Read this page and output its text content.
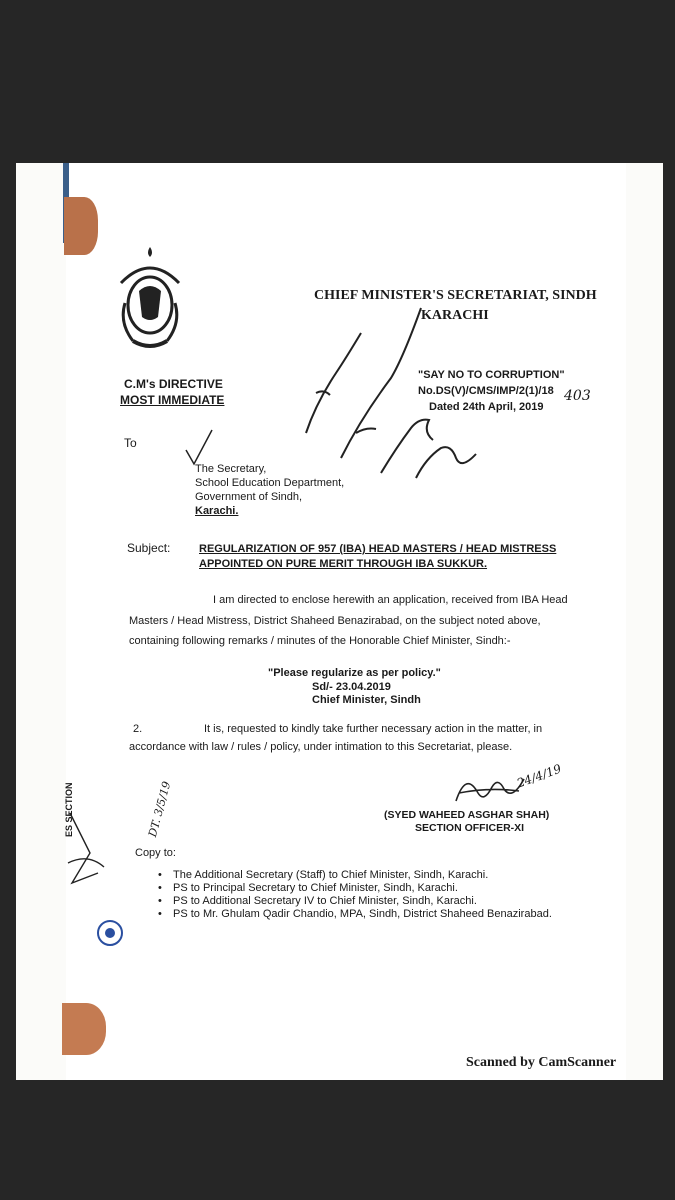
CHIEF MINISTER'S SECRETARIAT, SINDH
KARACHI
"SAY NO TO CORRUPTION"
No.DS(V)/CMS/IMP/2(1)/18 403
Dated 24th April, 2019
C.M's DIRECTIVE
MOST IMMEDIATE
To
The Secretary,
School Education Department,
Government of Sindh,
Karachi.
Subject:	REGULARIZATION OF 957 (IBA) HEAD MASTERS / HEAD MISTRESS
APPOINTED ON PURE MERIT THROUGH IBA SUKKUR.
I am directed to enclose herewith an application, received from IBA Head
Masters / Head Mistress, District Shaheed Benazirabad, on the subject noted above,
containing following remarks / minutes of the Honorable Chief Minister, Sindh:-
"Please regularize as per policy."
Sd/- 23.04.2019
Chief Minister, Sindh
2.	It is, requested to kindly take further necessary action in the matter, in
accordance with law / rules / policy, under intimation to this Secretariat, please.
24/4/19
(SYED WAHEED ASGHAR SHAH)
SECTION OFFICER-XI
ES SECTION	DT. 3/5/19
Copy to:
• The Additional Secretary (Staff) to Chief Minister, Sindh, Karachi.
• PS to Principal Secretary to Chief Minister, Sindh, Karachi.
• PS to Additional Secretary IV to Chief Minister, Sindh, Karachi.
• PS to Mr. Ghulam Qadir Chandio, MPA, Sindh, District Shaheed Benazirabad.
Scanned by CamScanner
